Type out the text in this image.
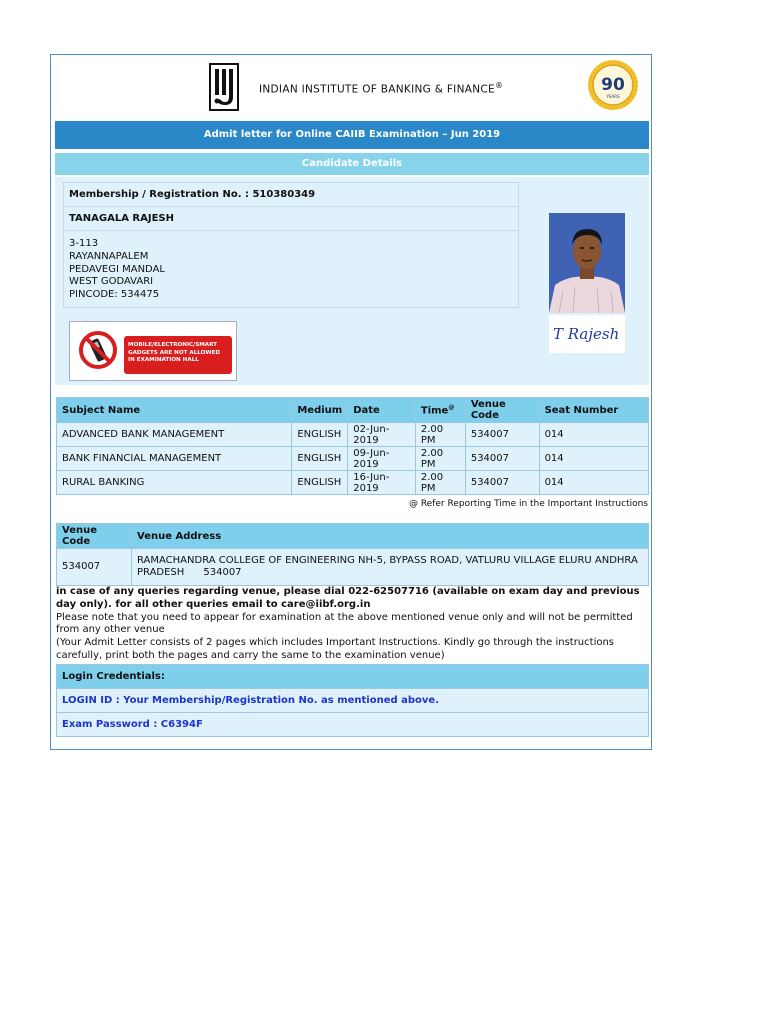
INDIAN INSTITUTE OF BANKING & FINANCE®	90
YEARS
Admit letter for Online CAIIB Examination – Jun 2019
Candidate Details
Membership / Registration No. : 510380349
TANAGALA RAJESH
3-113
RAYANNAPALEM
PEDAVEGI MANDAL
WEST GODAVARI
PINCODE: 534475
T Rajesh
MOBILE/ELECTRONIC/SMART
GADGETS ARE NOT ALLOWED
IN EXAMINATION HALL
Subject Name	Medium	Date	Time@	Venue Code	Seat Number
ADVANCED BANK MANAGEMENT	ENGLISH	02-Jun-2019	2.00 PM	534007	014
BANK FINANCIAL MANAGEMENT	ENGLISH	09-Jun-2019	2.00 PM	534007	014
RURAL BANKING	ENGLISH	16-Jun-2019	2.00 PM	534007	014
@ Refer Reporting Time in the Important Instructions
Venue Code	Venue Address
534007	RAMACHANDRA COLLEGE OF ENGINEERING NH-5, BYPASS ROAD, VATLURU VILLAGE ELURU ANDHRA
PRADESH      534007
in case of any queries regarding venue, please dial 022-62507716 (available on exam day and previous day only). for all other queries email to care@iibf.org.in
Please note that you need to appear for examination at the above mentioned venue only and will not be permitted from any other venue
(Your Admit Letter consists of 2 pages which includes Important Instructions. Kindly go through the instructions carefully, print both the pages and carry the same to the examination venue)
Login Credentials:
LOGIN ID : Your Membership/Registration No. as mentioned above.
Exam Password : C6394F
